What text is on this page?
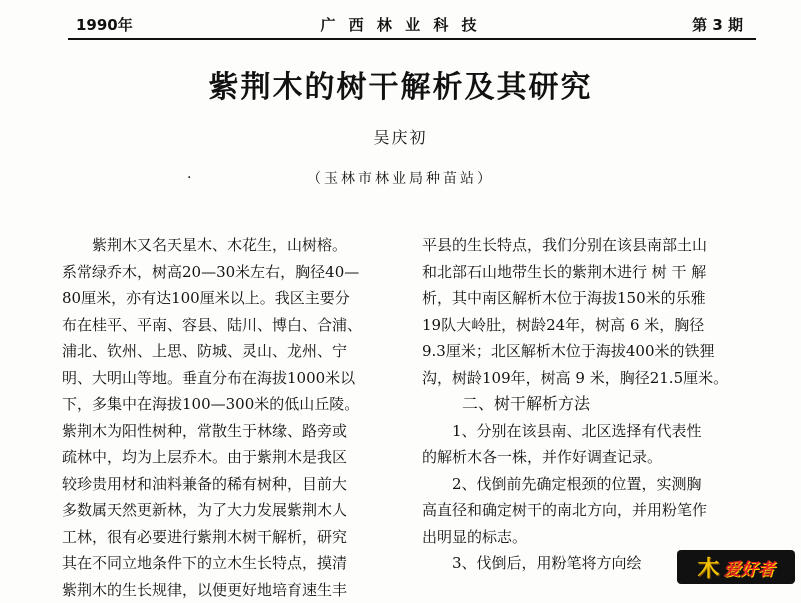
1990年	广 西 林 业 科 技	第 3 期
紫荆木的树干解析及其研究
吴庆初
·	（玉林市林业局种苗站）
　　紫荆木又名天星木、木花生，山树榕。
系常绿乔木，树高20—30米左右，胸径40—
80厘米，亦有达100厘米以上。我区主要分
布在桂平、平南、容县、陆川、博白、合浦、
浦北、钦州、上思、防城、灵山、龙州、宁
明、大明山等地。垂直分布在海拔1000米以
下，多集中在海拔100—300米的低山丘陵。
紫荆木为阳性树种，常散生于林缘、路旁或
疏林中，均为上层乔木。由于紫荆木是我区
较珍贵用材和油料兼备的稀有树种，目前大
多数属天然更新林，为了大力发展紫荆木人
工林，很有必要进行紫荆木树干解析，研究
其在不同立地条件下的立木生长特点，摸清
紫荆木的生长规律，以便更好地培育速生丰
平县的生长特点，我们分别在该县南部土山
和北部石山地带生长的紫荆木进行 树 干 解
析，其中南区解析木位于海拔150米的乐雅
19队大岭肚，树龄24年，树高 6 米，胸径
9.3厘米；北区解析木位于海拔400米的铁狸
沟，树龄109年，树高 9 米，胸径21.5厘米。
二、树干解析方法
　　1、分别在该县南、北区选择有代表性
的解析木各一株，并作好调查记录。
　　2、伐倒前先确定根颈的位置，实测胸
高直径和确定树干的南北方向，并用粉笔作
出明显的标志。
　　3、伐倒后，用粉笔将方向绘	木 爱好者
